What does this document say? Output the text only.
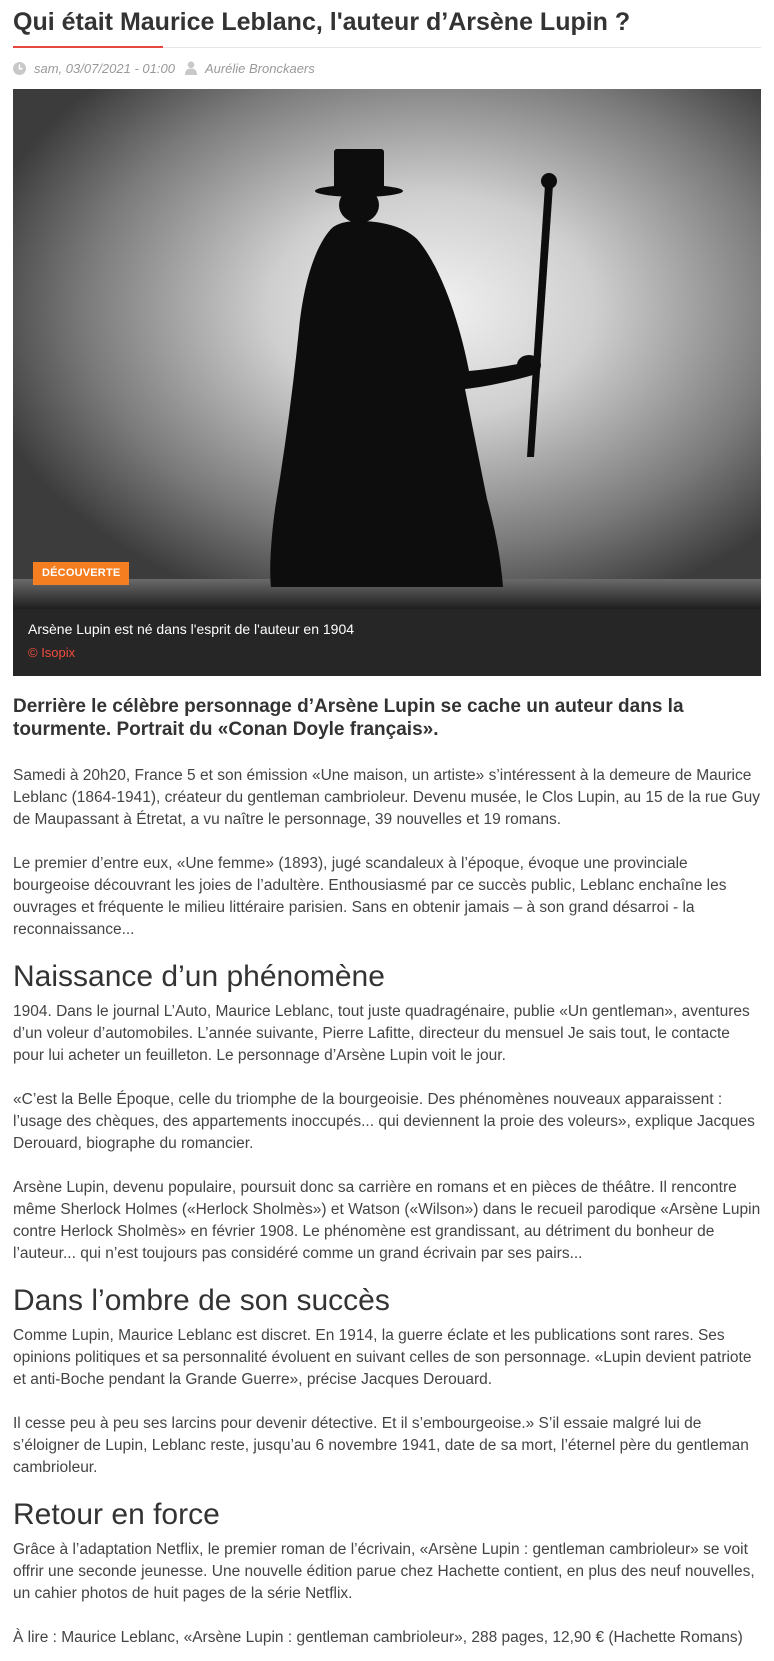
Qui était Maurice Leblanc, l'auteur d’Arsène Lupin ?
sam, 03/07/2021 - 01:00 Aurélie Bronckaers
DÉCOUVERTE
Arsène Lupin est né dans l'esprit de l'auteur en 1904
© Isopix
Derrière le célèbre personnage d’Arsène Lupin se cache un auteur dans la tourmente. Portrait du «Conan Doyle français».

Samedi à 20h20, France 5 et son émission «Une maison, un artiste» s’intéressent à la demeure de Maurice Leblanc (1864-1941), créateur du gentleman cambrioleur. Devenu musée, le Clos Lupin, au 15 de la rue Guy de Maupassant à Étretat, a vu naître le personnage, 39 nouvelles et 19 romans.

Le premier d’entre eux, «Une femme» (1893), jugé scandaleux à l’époque, évoque une provinciale bourgeoise découvrant les joies de l’adultère. Enthousiasmé par ce succès public, Leblanc enchaîne les ouvrages et fréquente le milieu littéraire parisien. Sans en obtenir jamais – à son grand désarroi - la reconnaissance...

Naissance d’un phénomène

1904. Dans le journal L’Auto, Maurice Leblanc, tout juste quadragénaire, publie «Un gentleman», aventures d’un voleur d’automobiles. L’année suivante, Pierre Lafitte, directeur du mensuel Je sais tout, le contacte pour lui acheter un feuilleton. Le personnage d’Arsène Lupin voit le jour.

«C’est la Belle Époque, celle du triomphe de la bourgeoisie. Des phénomènes nouveaux apparaissent : l’usage des chèques, des appartements inoccupés... qui deviennent la proie des voleurs», explique Jacques Derouard, biographe du romancier.

Arsène Lupin, devenu populaire, poursuit donc sa carrière en romans et en pièces de théâtre. Il rencontre même Sherlock Holmes («Herlock Sholmès») et Watson («Wilson») dans le recueil parodique «Arsène Lupin contre Herlock Sholmès» en février 1908. Le phénomène est grandissant, au détriment du bonheur de l’auteur... qui n’est toujours pas considéré comme un grand écrivain par ses pairs...

Dans l’ombre de son succès

Comme Lupin, Maurice Leblanc est discret. En 1914, la guerre éclate et les publications sont rares. Ses opinions politiques et sa personnalité évoluent en suivant celles de son personnage. «Lupin devient patriote et anti-Boche pendant la Grande Guerre», précise Jacques Derouard.

Il cesse peu à peu ses larcins pour devenir détective. Et il s’embourgeoise.» S’il essaie malgré lui de s’éloigner de Lupin, Leblanc reste, jusqu’au 6 novembre 1941, date de sa mort, l’éternel père du gentleman cambrioleur.

Retour en force

Grâce à l’adaptation Netflix, le premier roman de l’écrivain, «Arsène Lupin : gentleman cambrioleur» se voit offrir une seconde jeunesse. Une nouvelle édition parue chez Hachette contient, en plus des neuf nouvelles, un cahier photos de huit pages de la série Netflix.

À lire : Maurice Leblanc, «Arsène Lupin : gentleman cambrioleur», 288 pages, 12,90 € (Hachette Romans)
